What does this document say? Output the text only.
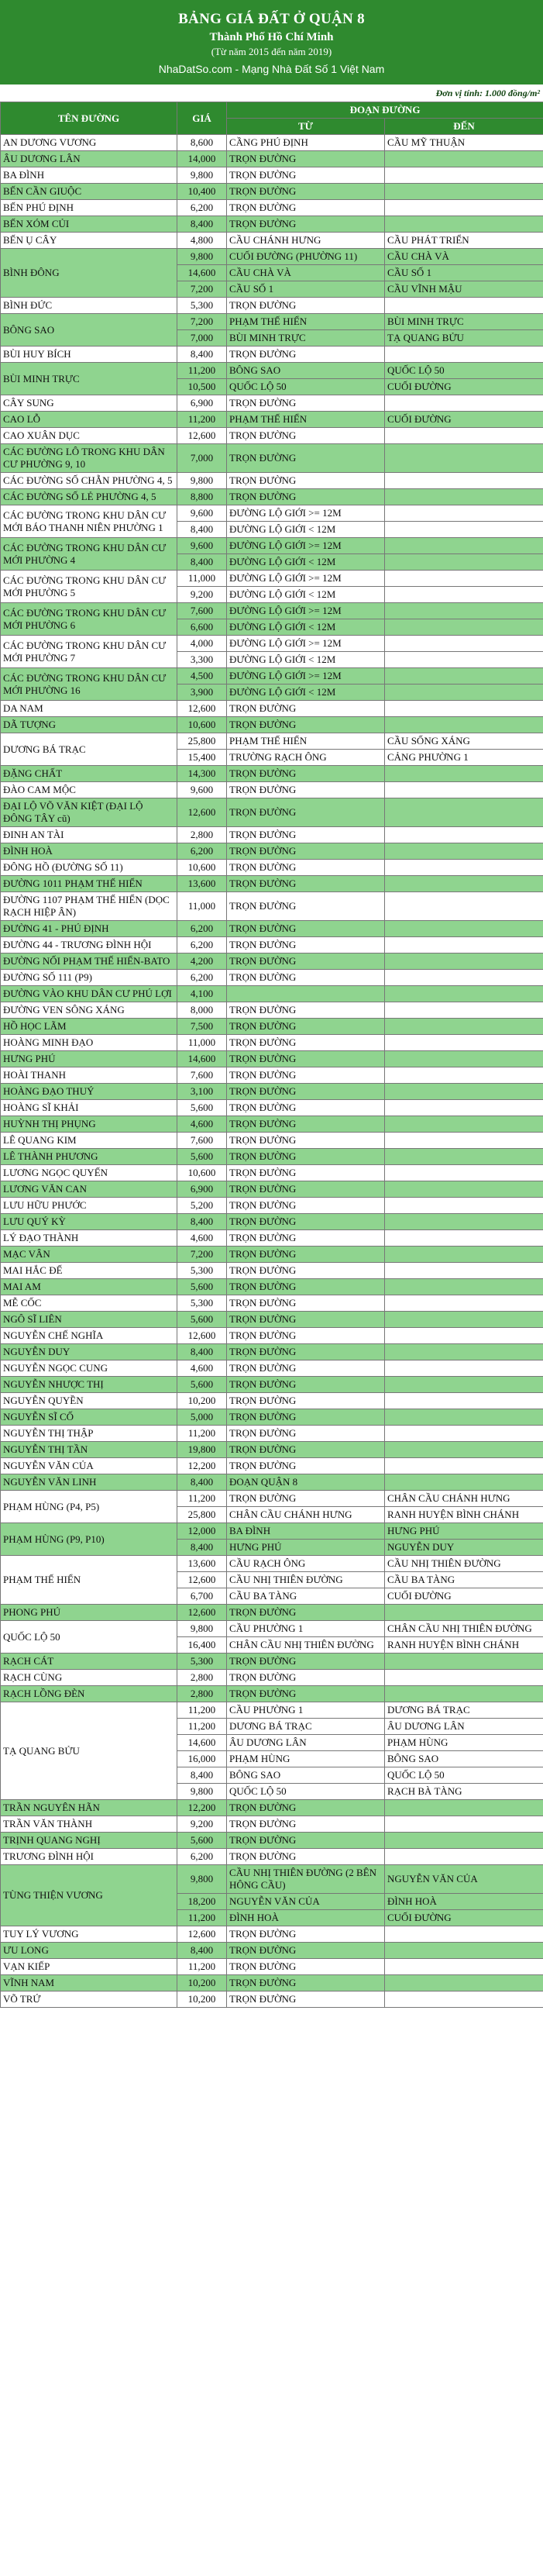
BẢNG GIÁ ĐẤT Ở QUẬN 8
Thành Phố Hồ Chí Minh
(Từ năm 2015 đến năm 2019)
NhaDatSo.com - Mạng Nhà Đất Số 1 Việt Nam
Đơn vị tính: 1.000 đồng/m²
TÊN ĐƯỜNG	GIÁ	ĐOẠN ĐƯỜNG	
		TỪ	ĐẾN
AN DƯƠNG VƯƠNG	8,600	CẦNG PHÚ ĐỊNH	CẦU MỸ THUẬN
ÂU DƯƠNG LÂN	14,000	TRỌN ĐƯỜNG	
BA ĐÌNH	9,800	TRỌN ĐƯỜNG	
BẾN CẦN GIUỘC	10,400	TRỌN ĐƯỜNG	
BẾN PHÚ ĐỊNH	6,200	TRỌN ĐƯỜNG	
BẾN XÓM CỦI	8,400	TRỌN ĐƯỜNG	
BẾN Ụ CÂY	4,800	CẦU CHÁNH HƯNG	CẦU PHÁT TRIỂN
BÌNH ĐÔNG	9,800	CUỐI ĐƯỜNG (PHƯỜNG 11)	CẦU CHÀ VÀ
	14,600	CẦU CHÀ VÀ	CẦU SỐ 1
	7,200	CẦU SỐ 1	CẦU VĨNH MẬU
BÌNH ĐỨC	5,300	TRỌN ĐƯỜNG	
BÔNG SAO	7,200	PHẠM THẾ HIỂN	BÙI MINH TRỰC
	7,000	BÙI MINH TRỰC	TẠ QUANG BỬU
BÙI HUY BÍCH	8,400	TRỌN ĐƯỜNG	
BÙI MINH TRỰC	11,200	BÔNG SAO	QUỐC LỘ 50
	10,500	QUỐC LỘ 50	CUỐI ĐƯỜNG
CÂY SUNG	6,900	TRỌN ĐƯỜNG	
CAO LỖ	11,200	PHẠM THẾ HIỂN	CUỐI ĐƯỜNG
CAO XUÂN DỤC	12,600	TRỌN ĐƯỜNG	
CÁC ĐƯỜNG LÔ TRONG KHU DÂN CƯ PHƯỜNG 9, 10	7,000	TRỌN ĐƯỜNG	
CÁC ĐƯỜNG SỐ CHẴN PHƯỜNG 4, 5	9,800	TRỌN ĐƯỜNG	
CÁC ĐƯỜNG SỐ LẺ PHƯỜNG 4, 5	8,800	TRỌN ĐƯỜNG	
CÁC ĐƯỜNG TRONG KHU DÂN CƯ MỚI BÁO THANH NIÊN PHƯỜNG 1	9,600	ĐƯỜNG LỘ GIỚI >= 12M	
	8,400	ĐƯỜNG LỘ GIỚI < 12M	
CÁC ĐƯỜNG TRONG KHU DÂN CƯ MỚI PHƯỜNG 4	9,600	ĐƯỜNG LỘ GIỚI >= 12M	
	8,400	ĐƯỜNG LỘ GIỚI < 12M	
CÁC ĐƯỜNG TRONG KHU DÂN CƯ MỚI PHƯỜNG 5	11,000	ĐƯỜNG LỘ GIỚI >= 12M	
	9,200	ĐƯỜNG LỘ GIỚI < 12M	
CÁC ĐƯỜNG TRONG KHU DÂN CƯ MỚI PHƯỜNG 6	7,600	ĐƯỜNG LỘ GIỚI >= 12M	
	6,600	ĐƯỜNG LỘ GIỚI < 12M	
CÁC ĐƯỜNG TRONG KHU DÂN CƯ MỚI PHƯỜNG 7	4,000	ĐƯỜNG LỘ GIỚI >= 12M	
	3,300	ĐƯỜNG LỘ GIỚI < 12M	
CÁC ĐƯỜNG TRONG KHU DÂN CƯ MỚI PHƯỜNG 16	4,500	ĐƯỜNG LỘ GIỚI >= 12M	
	3,900	ĐƯỜNG LỘ GIỚI < 12M	
DA NAM	12,600	TRỌN ĐƯỜNG	
DÃ TƯỢNG	10,600	TRỌN ĐƯỜNG	
DƯƠNG BÁ TRẠC	25,800	PHẠM THẾ HIỂN	CẦU SỐNG XÁNG
	15,400	TRƯỜNG RẠCH ÔNG	CẢNG PHƯỜNG 1
ĐẶNG CHẤT	14,300	TRỌN ĐƯỜNG	
ĐÀO CAM MỘC	9,600	TRỌN ĐƯỜNG	
ĐẠI LỘ VÕ VĂN KIỆT (ĐẠI LỘ ĐÔNG TÂY cũ)	12,600	TRỌN ĐƯỜNG	
ĐINH AN TÀI	2,800	TRỌN ĐƯỜNG	
ĐÌNH HOÀ	6,200	TRỌN ĐƯỜNG	
ĐÔNG HỒ (ĐƯỜNG SỐ 11)	10,600	TRỌN ĐƯỜNG	
ĐƯỜNG 1011 PHẠM THẾ HIỂN	13,600	TRỌN ĐƯỜNG	
ĐƯỜNG 1107 PHẠM THẾ HIỂN (DỌC RẠCH HIỆP ÂN)	11,000	TRỌN ĐƯỜNG	
ĐƯỜNG 41 - PHÚ ĐỊNH	6,200	TRỌN ĐƯỜNG	
ĐƯỜNG 44 - TRƯƠNG ĐÌNH HỘI	6,200	TRỌN ĐƯỜNG	
ĐƯỜNG NỐI PHẠM THẾ HIỂN-BATO	4,200	TRỌN ĐƯỜNG	
ĐƯỜNG SỐ 111 (P9)	6,200	TRỌN ĐƯỜNG	
ĐƯỜNG VÀO KHU DÂN CƯ PHÚ LỢI	4,100		
ĐƯỜNG VEN SÔNG XÁNG	8,000	TRỌN ĐƯỜNG	
HỒ HỌC LÃM	7,500	TRỌN ĐƯỜNG	
HOÀNG MINH ĐẠO	11,000	TRỌN ĐƯỜNG	
HƯNG PHÚ	14,600	TRỌN ĐƯỜNG	
HOÀI THANH	7,600	TRỌN ĐƯỜNG	
HOÀNG ĐẠO THUÝ	3,100	TRỌN ĐƯỜNG	
HOÀNG SĨ KHẢI	5,600	TRỌN ĐƯỜNG	
HUỲNH THỊ PHỤNG	4,600	TRỌN ĐƯỜNG	
LÊ QUANG KIM	7,600	TRỌN ĐƯỜNG	
LÊ THÀNH PHƯƠNG	5,600	TRỌN ĐƯỜNG	
LƯƠNG NGỌC QUYẾN	10,600	TRỌN ĐƯỜNG	
LƯƠNG VĂN CAN	6,900	TRỌN ĐƯỜNG	
LƯU HỮU PHƯỚC	5,200	TRỌN ĐƯỜNG	
LƯU QUÝ KỲ	8,400	TRỌN ĐƯỜNG	
LÝ ĐẠO THÀNH	4,600	TRỌN ĐƯỜNG	
MẠC VÂN	7,200	TRỌN ĐƯỜNG	
MAI HẮC ĐẾ	5,300	TRỌN ĐƯỜNG	
MAI AM	5,600	TRỌN ĐƯỜNG	
MỄ CỐC	5,300	TRỌN ĐƯỜNG	
NGÔ SĨ LIÊN	5,600	TRỌN ĐƯỜNG	
NGUYỄN CHẾ NGHĨA	12,600	TRỌN ĐƯỜNG	
NGUYỄN DUY	8,400	TRỌN ĐƯỜNG	
NGUYỄN NGỌC CUNG	4,600	TRỌN ĐƯỜNG	
NGUYỄN NHƯỢC THỊ	5,600	TRỌN ĐƯỜNG	
NGUYỄN QUYỀN	10,200	TRỌN ĐƯỜNG	
NGUYỄN SĨ CỐ	5,000	TRỌN ĐƯỜNG	
NGUYỄN THỊ THẬP	11,200	TRỌN ĐƯỜNG	
NGUYỄN THỊ TẦN	19,800	TRỌN ĐƯỜNG	
NGUYỄN VĂN CỦA	12,200	TRỌN ĐƯỜNG	
NGUYỄN VĂN LINH	8,400	ĐOẠN QUẬN 8	
PHẠM HÙNG (P4, P5)	11,200	TRỌN ĐƯỜNG	CHÂN CẦU CHÁNH HƯNG
	25,800	CHÂN CẦU CHÁNH HƯNG	RANH HUYỆN BÌNH CHÁNH
PHẠM HÙNG (P9, P10)	12,000	BA ĐÌNH	HƯNG PHÚ
	8,400	HƯNG PHÚ	NGUYỄN DUY
PHẠM THẾ HIỂN	13,600	CẦU RẠCH ÔNG	CẦU NHỊ THIÊN ĐƯỜNG
	12,600	CẦU NHỊ THIÊN ĐƯỜNG	CẦU BA TÀNG
	6,700	CẦU BA TÀNG	CUỐI ĐƯỜNG
PHONG PHÚ	12,600	TRỌN ĐƯỜNG	
QUỐC LỘ 50	9,800	CẦU PHƯỜNG 1	CHÂN CẦU NHỊ THIÊN ĐƯỜNG
	16,400	CHÂN CẦU NHỊ THIÊN ĐƯỜNG	RANH HUYỆN BÌNH CHÁNH
RẠCH CÁT	5,300	TRỌN ĐƯỜNG	
RẠCH CÙNG	2,800	TRỌN ĐƯỜNG	
RẠCH LỒNG ĐÈN	2,800	TRỌN ĐƯỜNG	
TẠ QUANG BỬU	11,200	CẦU PHƯỜNG 1	DƯƠNG BÁ TRẠC
	11,200	DƯƠNG BÁ TRẠC	ÂU DƯƠNG LÂN
	14,600	ÂU DƯƠNG LÂN	PHẠM HÙNG
	16,000	PHẠM HÙNG	BÔNG SAO
	8,400	BÔNG SAO	QUỐC LỘ 50
	9,800	QUỐC LỘ 50	RẠCH BÀ TÀNG
TRẦN NGUYÊN HÃN	12,200	TRỌN ĐƯỜNG	
TRẦN VĂN THÀNH	9,200	TRỌN ĐƯỜNG	
TRỊNH QUANG NGHỊ	5,600	TRỌN ĐƯỜNG	
TRƯƠNG ĐÌNH HỘI	6,200	TRỌN ĐƯỜNG	
TÙNG THIỆN VƯƠNG	9,800	CẦU NHỊ THIÊN ĐƯỜNG (2 BÊN HÔNG CẦU)	NGUYỄN VĂN CỦA
	18,200	NGUYỄN VĂN CỦA	ĐÌNH HOÀ
	11,200	ĐÌNH HOÀ	CUỐI ĐƯỜNG
TUY LÝ VƯƠNG	12,600	TRỌN ĐƯỜNG	
ƯU LONG	8,400	TRỌN ĐƯỜNG	
VẠN KIẾP	11,200	TRỌN ĐƯỜNG	
VĨNH NAM	10,200	TRỌN ĐƯỜNG	
VÕ TRỨ	10,200	TRỌN ĐƯỜNG	
